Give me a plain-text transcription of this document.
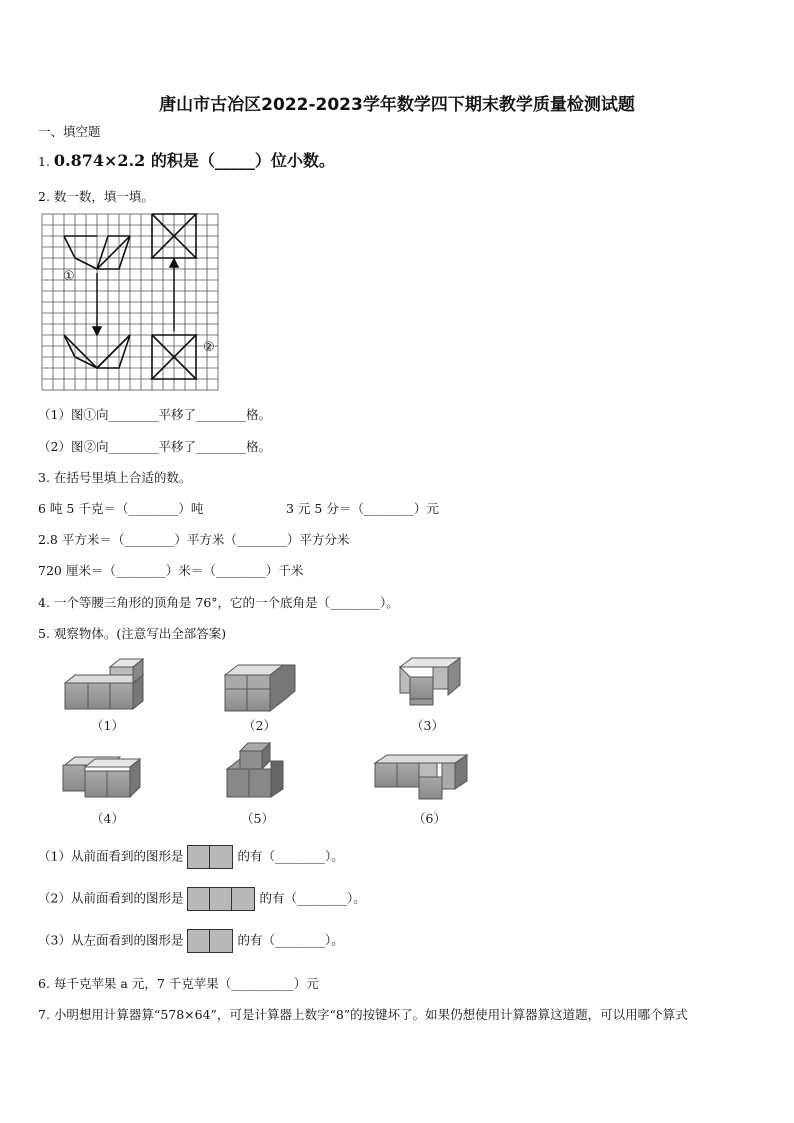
唐山市古冶区2022-2023学年数学四下期末教学质量检测试题
一、填空题
1. 0.874×2.2 的积是（_____）位小数。
2. 数一数，填一填。
①
②
（1）图①向________平移了________格。
（2）图②向________平移了________格。
3. 在括号里填上合适的数。
6 吨 5 千克＝（________）吨	3 元 5 分＝（________）元
2.8 平方米＝（________）平方米（________）平方分米
720 厘米＝（________）米＝（________）千米
4. 一个等腰三角形的顶角是 76°，它的一个底角是（________）。
5. 观察物体。(注意写出全部答案)
（1）	（2）	（3）
（4）	（5）	（6）
（1）从前面看到的图形是	的有（________）。
（2）从前面看到的图形是	的有（________）。
（3）从左面看到的图形是	的有（________）。
6. 每千克苹果 a 元，7 千克苹果（__________）元
7. 小明想用计算器算“578×64”，可是计算器上数字“8”的按键坏了。如果仍想使用计算器算这道题，可以用哪个算式
